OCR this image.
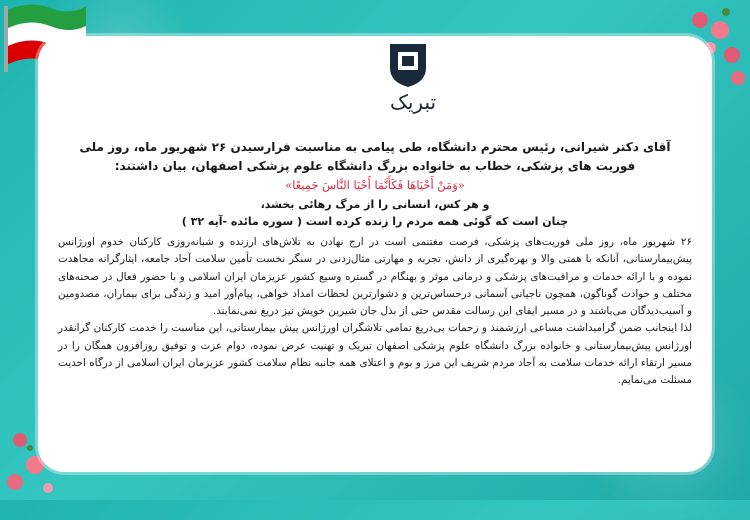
تبریک
آقای دکتر شیرانی، رئیس محترم دانشگاه، طی پیامی به مناسبت فرارسیدن ۲۶ شهریور ماه، روز ملی فوریت های پزشکی، خطاب به خانواده بزرگ دانشگاه علوم پزشکی اصفهان، بیان داشتند:
«وَمَنْ أَحْيَاهَا فَكَأَنَّمَا أَحْيَا النَّاسَ جَمِيعًا»
و هر کس، انسانی را از مرگ رهائی بخشد،
چنان است که گوئی همه مردم را زنده کرده است ( سوره مائده -آیه ۳۲ )

۲۶ شهریور ماه، روز ملی فوریت‌های پزشکی، فرصت مغتنمی است در ارج نهادن به تلاش‌های ارزنده و شبانه‌روزی کارکنان خدوم اورژانس پیش‌بیمارستانی، آنانکه با همتی والا و بهره‌گیری از دانش، تجربه و مهارتی مثال‌زدنی در سنگر نخست تأمین سلامت آحاد جامعه، ایثارگرانه مجاهدت نموده و با ارائه خدمات و مراقبت‌های پزشکی و درمانی موثر و بهنگام در گستره وسیع کشور عزیزمان ایران اسلامی و با حضور فعال در صحنه‌های مختلف و حوادث گوناگون، همچون ناجیانی آسمانی درحساس‌ترین و دشوارترین لحظات امداد خواهی، پیام‌آور امید و زندگی برای بیماران، مصدومین و آسیب‌دیدگان می‌باشند و در مسیر ایفای این رسالت مقدس حتی از بذل جان شیرین خویش نیز دریغ نمی‌نمایند.

لذا اینجانب ضمن گرامیداشت مساعی ارزشمند و زحمات بی‌دریغ تمامی تلاشگران اورژانس پیش بیمارستانی، این مناسبت را خدمت کارکنان گرانقدر اورژانس پیش‌بیمارستانی و خانواده بزرگ دانشگاه علوم پزشکی اصفهان تبریک و تهنیت عرض نموده، دوام عزت و توفیق روزافزون همگان را در مسیر ارتقاء ارائه خدمات سلامت به آحاد مردم شریف این مرز و بوم و اعتلای همه جانبه نظام سلامت کشور عزیزمان ایران اسلامی از درگاه احدیت مسئلت می‌نمایم.
